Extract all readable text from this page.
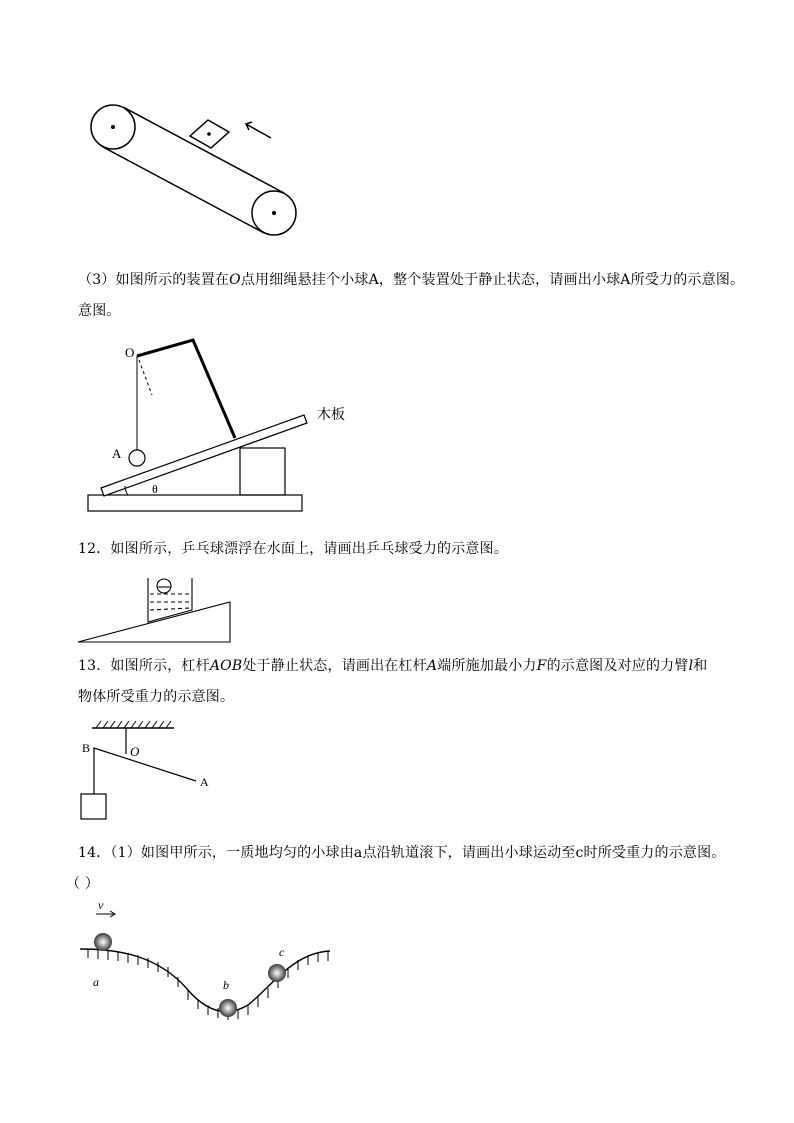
（3）如图所示的装置在O点用细绳悬挂个小球A，整个装置处于静止状态，请画出小球A所受力的示意图。
意图。
O
A
木板
θ
12．如图所示，乒乓球漂浮在水面上，请画出乒乓球受力的示意图。
13．如图所示，杠杆AOB处于静止状态，请画出在杠杆A端所施加最小力F的示意图及对应的力臂l和
物体所受重力的示意图。
B	O
A
14．（1）如图甲所示，一质地均匀的小球由a点沿轨道滚下，请画出小球运动至c时所受重力的示意图。
（ ）
v
a	b
c
